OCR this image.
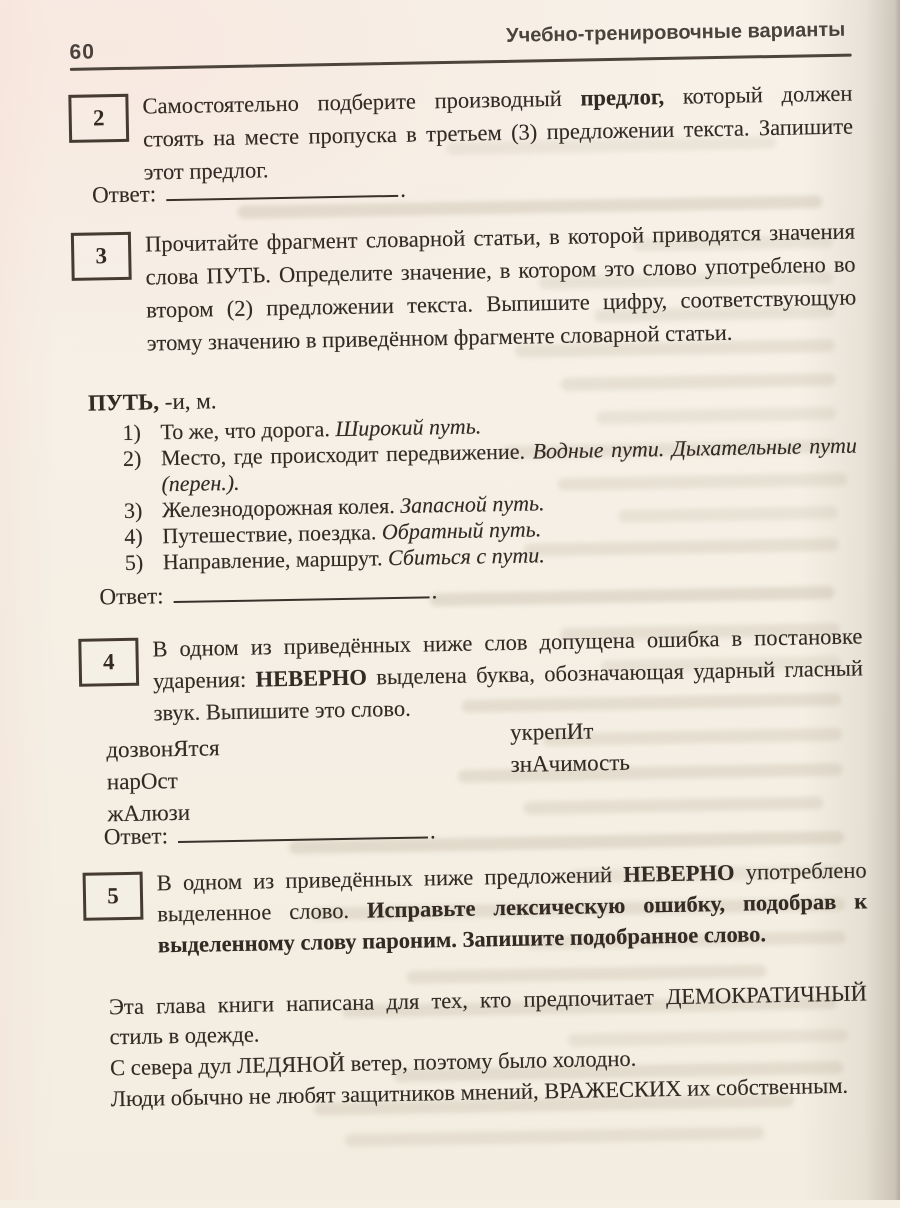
60
Учебно-тренировочные варианты
2 Самостоятельно подберите производный предлог, который должен стоять на месте пропуска в третьем (3) предложении текста. Запишите этот предлог.
Ответ:	.
3 Прочитайте фрагмент словарной статьи, в которой приводятся значения слова ПУТЬ. Определите значение, в котором это слово употреблено во втором (2) предложении текста. Выпишите цифру, соответствующую этому значению в приведённом фрагменте словарной статьи.
ПУТЬ, -и, м.
1) То же, что дорога. Широкий путь.
2) Место, где происходит передвижение. Водные пути. Дыхательные пути (перен.).
3) Железнодорожная колея. Запасной путь.
4) Путешествие, поездка. Обратный путь.
5) Направление, маршрут. Сбиться с пути.
Ответ:	.
4
В одном из приведённых ниже слов допущена ошибка в постановке ударения: НЕВЕРНО выделена буква, обозначающая ударный гласный звук. Выпишите это слово.
дозвонЯтся
нарОст
жАлюзи
укрепИт
знАчимость
Ответ:	.
5
В одном из приведённых ниже предложений НЕВЕРНО употреблено выделенное слово. Исправьте лексическую ошибку, подобрав к выделенному слову пароним. Запишите подобранное слово.
Эта глава книги написана для тех, кто предпочитает ДЕМОКРАТИЧНЫЙ стиль в одежде.
С севера дул ЛЕДЯНОЙ ветер, поэтому было холодно.
Люди обычно не любят защитников мнений, ВРАЖЕСКИХ их собственным.
